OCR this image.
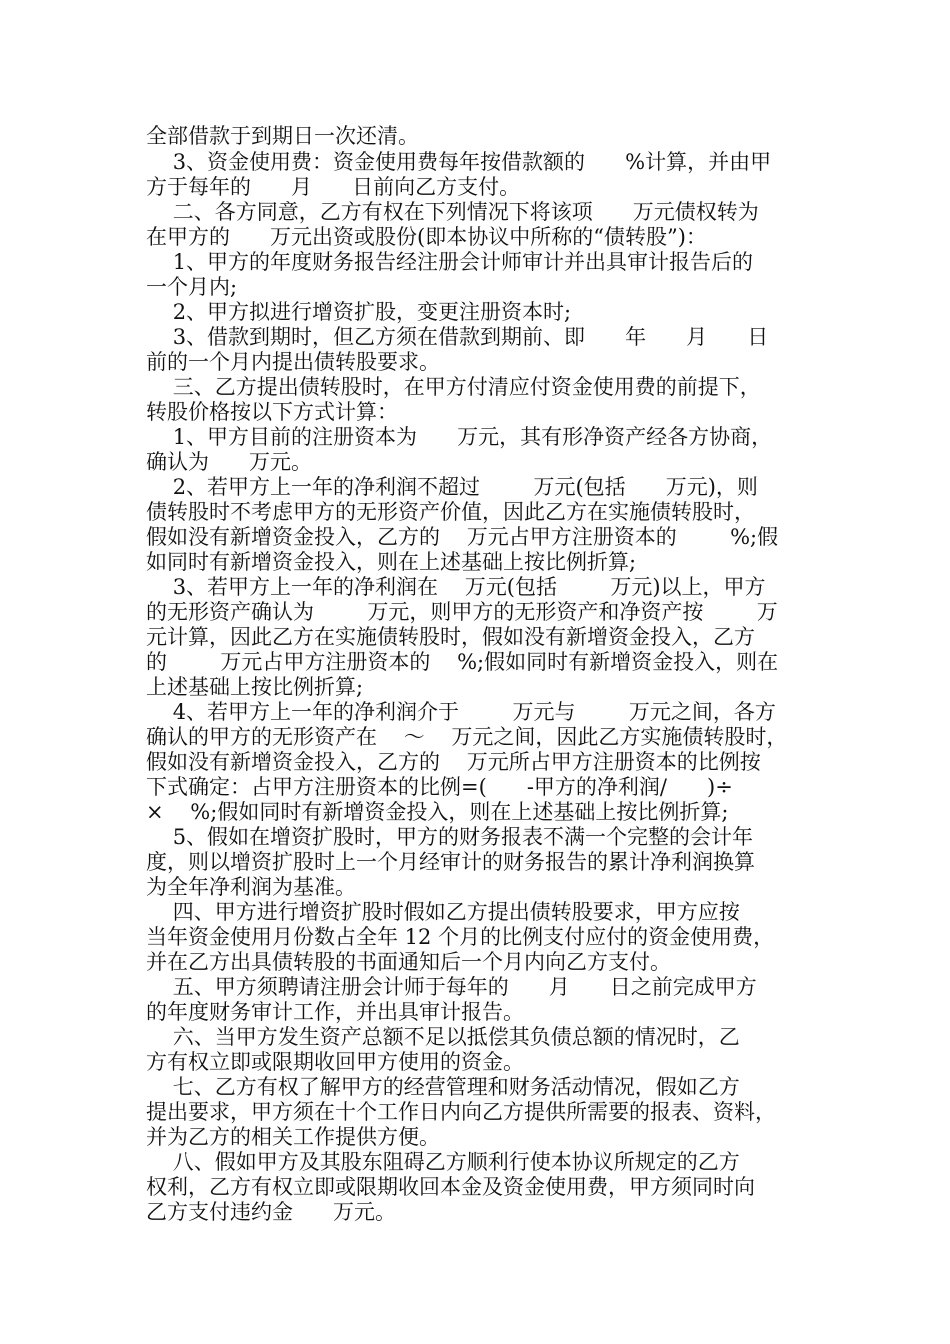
全部借款于到期日一次还清。

3、资金使用费：资金使用费每年按借款额的      %计算，并由甲

方于每年的      月      日前向乙方支付。

二、各方同意，乙方有权在下列情况下将该项      万元债权转为

在甲方的      万元出资或股份(即本协议中所称的“债转股”)：

1、甲方的年度财务报告经注册会计师审计并出具审计报告后的

一个月内;

2、甲方拟进行增资扩股，变更注册资本时;

3、借款到期时，但乙方须在借款到期前、即      年      月      日

前的一个月内提出债转股要求。

三、乙方提出债转股时，在甲方付清应付资金使用费的前提下，

转股价格按以下方式计算：

1、甲方目前的注册资本为      万元，其有形净资产经各方协商，

确认为      万元。

2、若甲方上一年的净利润不超过        万元(包括      万元)，则

债转股时不考虑甲方的无形资产价值，因此乙方在实施债转股时，

假如没有新增资金投入，乙方的    万元占甲方注册资本的        %;假

如同时有新增资金投入，则在上述基础上按比例折算;

3、若甲方上一年的净利润在    万元(包括        万元)以上，甲方

的无形资产确认为        万元，则甲方的无形资产和净资产按        万

元计算，因此乙方在实施债转股时，假如没有新增资金投入，乙方

的        万元占甲方注册资本的    %;假如同时有新增资金投入，则在

上述基础上按比例折算;

4、若甲方上一年的净利润介于        万元与        万元之间，各方

确认的甲方的无形资产在    ～    万元之间，因此乙方实施债转股时，

假如没有新增资金投入，乙方的    万元所占甲方注册资本的比例按

下式确定：占甲方注册资本的比例=(      -甲方的净利润/      )÷

×    %;假如同时有新增资金投入，则在上述基础上按比例折算;

5、假如在增资扩股时，甲方的财务报表不满一个完整的会计年

度，则以增资扩股时上一个月经审计的财务报告的累计净利润换算

为全年净利润为基准。

四、甲方进行增资扩股时假如乙方提出债转股要求，甲方应按

当年资金使用月份数占全年 12 个月的比例支付应付的资金使用费，

并在乙方出具债转股的书面通知后一个月内向乙方支付。

五、甲方须聘请注册会计师于每年的      月      日之前完成甲方

的年度财务审计工作，并出具审计报告。

六、当甲方发生资产总额不足以抵偿其负债总额的情况时，乙

方有权立即或限期收回甲方使用的资金。

七、乙方有权了解甲方的经营管理和财务活动情况，假如乙方

提出要求，甲方须在十个工作日内向乙方提供所需要的报表、资料，

并为乙方的相关工作提供方便。

八、假如甲方及其股东阻碍乙方顺利行使本协议所规定的乙方

权利，乙方有权立即或限期收回本金及资金使用费，甲方须同时向

乙方支付违约金      万元。
